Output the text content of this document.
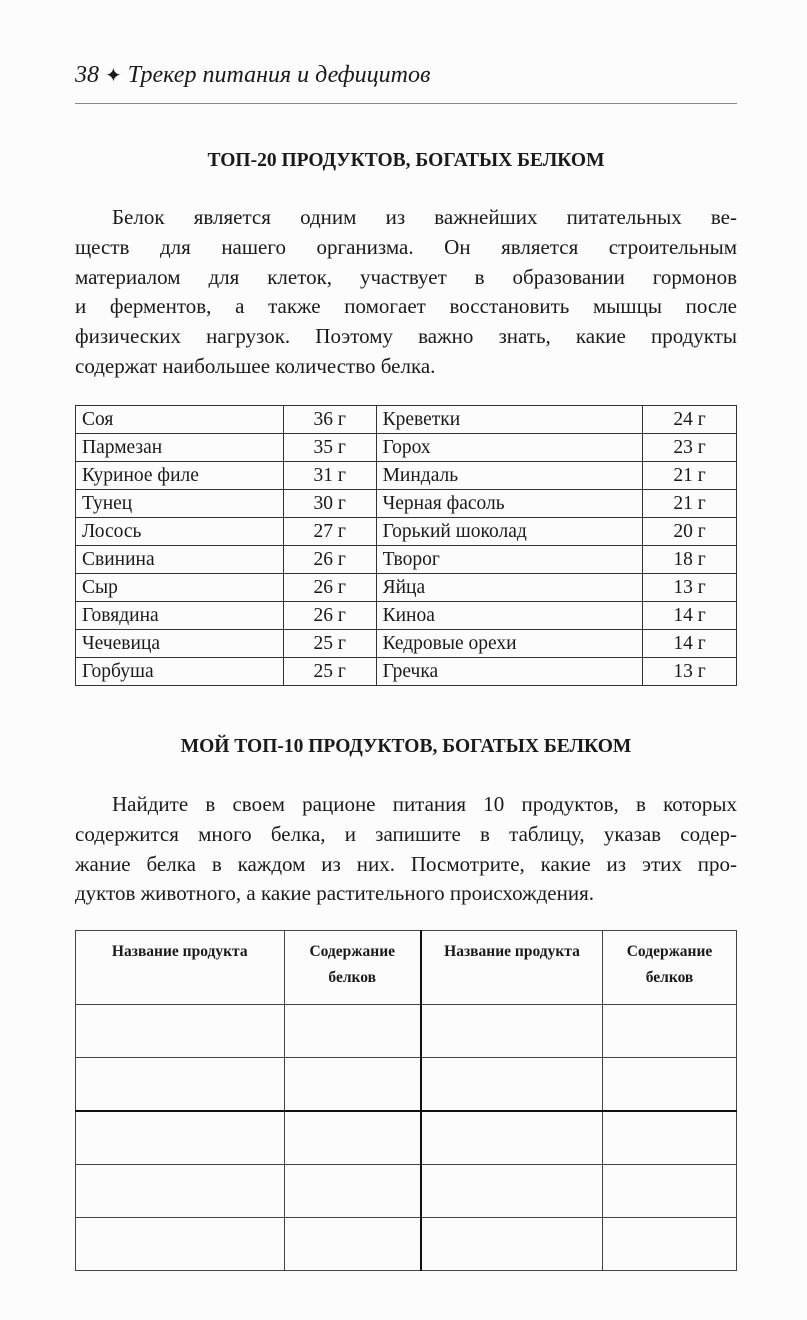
38 ✦ Трекер питания и дефицитов
ТОП-20 ПРОДУКТОВ, БОГАТЫХ БЕЛКОМ
Белок является одним из важнейших питательных ве-
ществ для нашего организма. Он является строительным
материалом для клеток, участвует в образовании гормонов
и ферментов, а также помогает восстановить мышцы после
физических нагрузок. Поэтому важно знать, какие продукты
содержат наибольшее количество белка.
Соя	36 г	Креветки	24 г
Пармезан	35 г	Горох	23 г
Куриное филе	31 г	Миндаль	21 г
Тунец	30 г	Черная фасоль	21 г
Лосось	27 г	Горький шоколад	20 г
Свинина	26 г	Творог	18 г
Сыр	26 г	Яйца	13 г
Говядина	26 г	Киноа	14 г
Чечевица	25 г	Кедровые орехи	14 г
Горбуша	25 г	Гречка	13 г
МОЙ ТОП-10 ПРОДУКТОВ, БОГАТЫХ БЕЛКОМ
Найдите в своем рационе питания 10 продуктов, в которых
содержится много белка, и запишите в таблицу, указав содер-
жание белка в каждом из них. Посмотрите, какие из этих про-
дуктов животного, а какие растительного происхождения.
Название продукта	Содержание белков	Название продукта	Содержание белков
